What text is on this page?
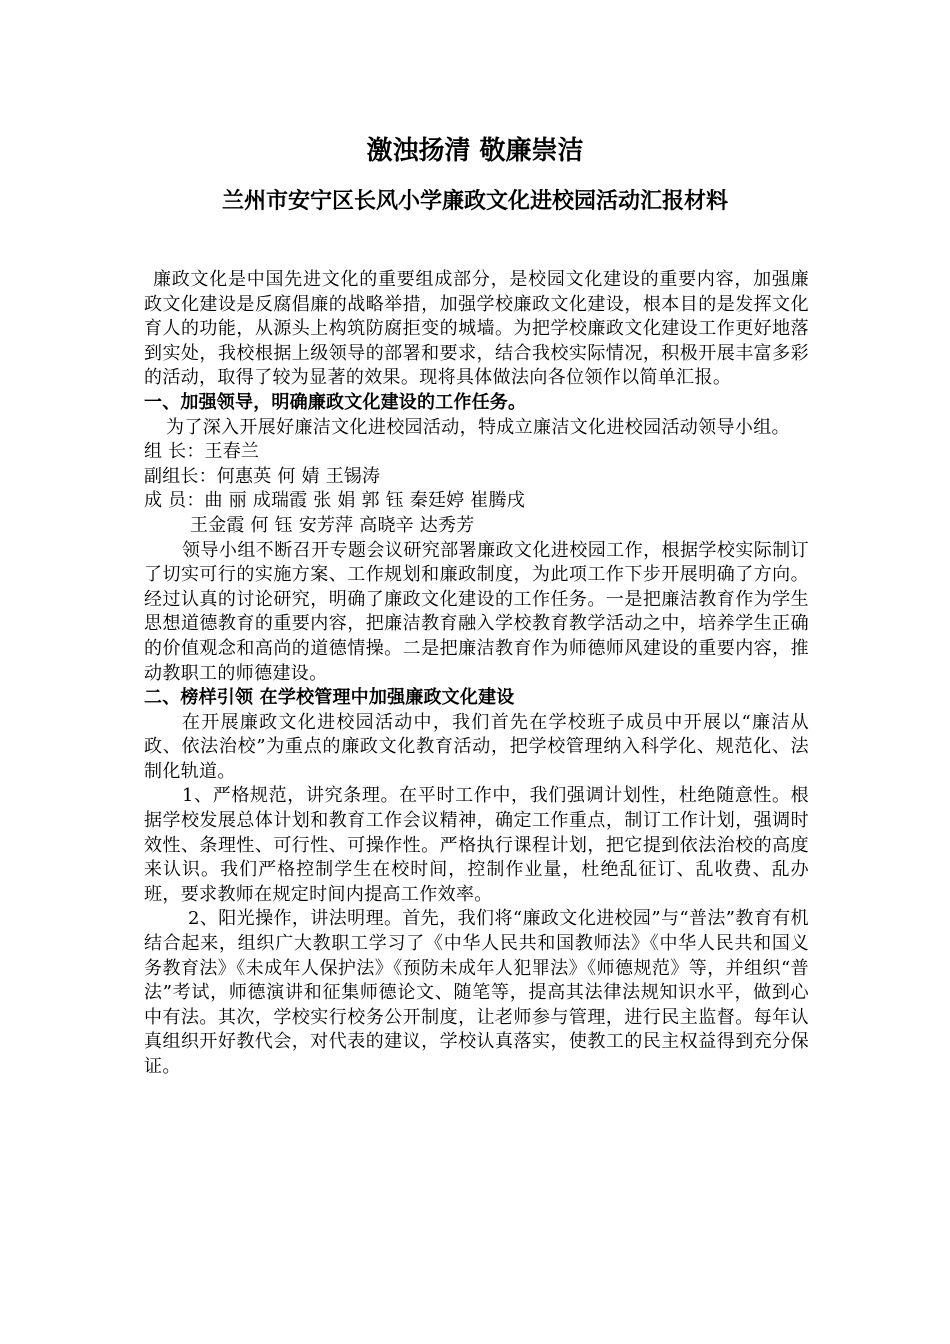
激浊扬清 敬廉崇洁
兰州市安宁区长风小学廉政文化进校园活动汇报材料

廉政文化是中国先进文化的重要组成部分，是校园文化建设的重要内容，加强廉政文化建设是反腐倡廉的战略举措，加强学校廉政文化建设，根本目的是发挥文化育人的功能，从源头上构筑防腐拒变的城墙。为把学校廉政文化建设工作更好地落到实处，我校根据上级领导的部署和要求，结合我校实际情况，积极开展丰富多彩的活动，取得了较为显著的效果。现将具体做法向各位领作以简单汇报。

一、加强领导，明确廉政文化建设的工作任务。

为了深入开展好廉洁文化进校园活动，特成立廉洁文化进校园活动领导小组。

组 长：王春兰

副组长：何惠英 何 婧 王锡涛

成 员：曲 丽 成瑞霞 张 娟 郭 钰 秦廷婷 崔腾戌

王金霞 何 钰 安芳萍 高晓辛 达秀芳

领导小组不断召开专题会议研究部署廉政文化进校园工作，根据学校实际制订了切实可行的实施方案、工作规划和廉政制度，为此项工作下步开展明确了方向。经过认真的讨论研究，明确了廉政文化建设的工作任务。一是把廉洁教育作为学生思想道德教育的重要内容，把廉洁教育融入学校教育教学活动之中，培养学生正确的价值观念和高尚的道德情操。二是把廉洁教育作为师德师风建设的重要内容，推动教职工的师德建设。

二、榜样引领 在学校管理中加强廉政文化建设

在开展廉政文化进校园活动中，我们首先在学校班子成员中开展以“廉洁从政、依法治校”为重点的廉政文化教育活动，把学校管理纳入科学化、规范化、法制化轨道。

1、严格规范，讲究条理。在平时工作中，我们强调计划性，杜绝随意性。根据学校发展总体计划和教育工作会议精神，确定工作重点，制订工作计划，强调时效性、条理性、可行性、可操作性。严格执行课程计划，把它提到依法治校的高度来认识。我们严格控制学生在校时间，控制作业量，杜绝乱征订、乱收费、乱办班，要求教师在规定时间内提高工作效率。

2、阳光操作，讲法明理。首先，我们将“廉政文化进校园”与“普法”教育有机结合起来，组织广大教职工学习了《中华人民共和国教师法》《中华人民共和国义务教育法》《未成年人保护法》《预防未成年人犯罪法》《师德规范》等，并组织“普法”考试，师德演讲和征集师德论文、随笔等，提高其法律法规知识水平，做到心中有法。其次，学校实行校务公开制度，让老师参与管理，进行民主监督。每年认真组织开好教代会，对代表的建议，学校认真落实，使教工的民主权益得到充分保证。
